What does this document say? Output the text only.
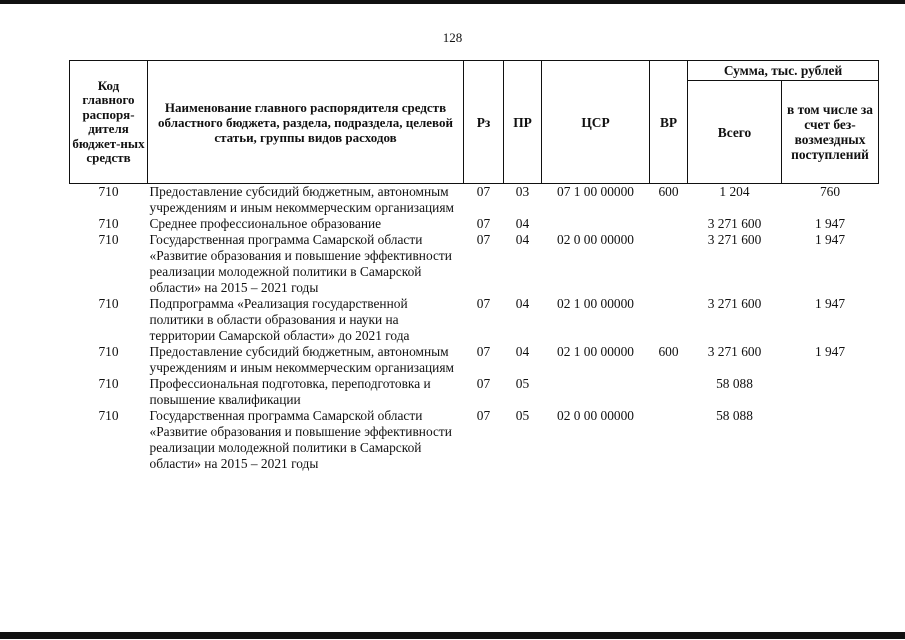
128
Код главного распоря-дителя бюджет-ных средств	Наименование главного распорядителя средств областного бюджета, раздела, подраздела, целевой статьи, группы видов расходов	Рз	ПР	ЦСР	ВР	Сумма, тыс. рублей	
						Всего	в том числе за счет без-возмездных поступлений
710	Предоставление субсидий бюджетным, автономным учреждениям и иным некоммерческим организациям	07	03	07 1 00 00000	600	1 204	760
710	Среднее профессиональное образование	07	04			3 271 600	1 947
710	Государственная программа Самарской области «Развитие образования и повышение эффективности реализации молодежной политики в Самарской области» на 2015 – 2021 годы	07	04	02 0 00 00000		3 271 600	1 947
710	Подпрограмма «Реализация государственной политики в области образования и науки на территории Самарской области» до 2021 года	07	04	02 1 00 00000		3 271 600	1 947
710	Предоставление субсидий бюджетным, автономным учреждениям и иным некоммерческим организациям	07	04	02 1 00 00000	600	3 271 600	1 947
710	Профессиональная подготовка, переподготовка и повышение квалификации	07	05			58 088	
710	Государственная программа Самарской области «Развитие образования и повышение эффективности реализации молодежной политики в Самарской области» на 2015 – 2021 годы	07	05	02 0 00 00000		58 088	
